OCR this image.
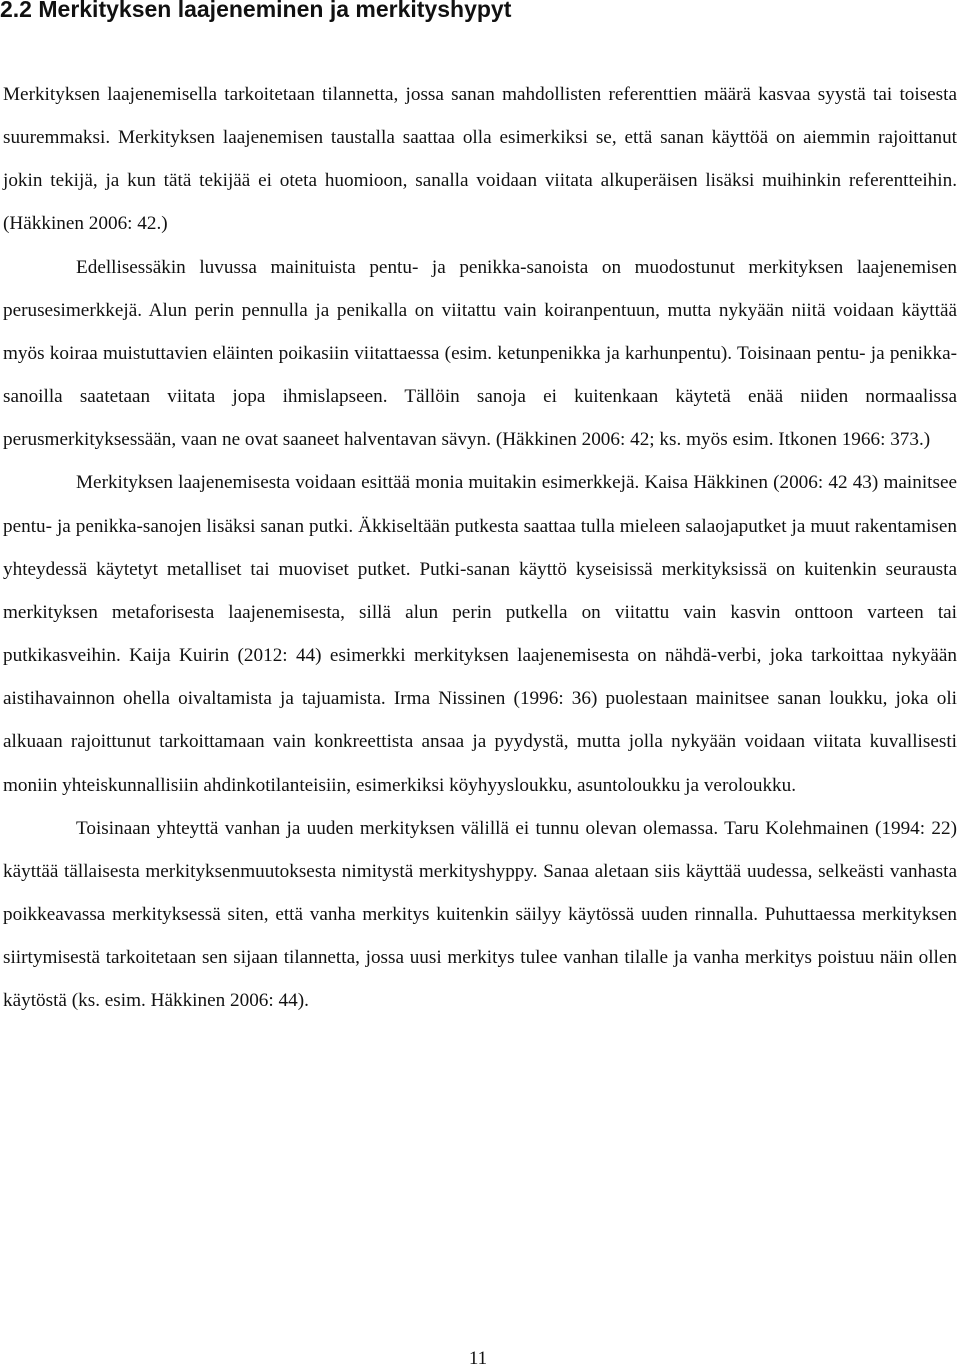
2.2 Merkityksen laajeneminen ja merkityshypyt

Merkityksen laajenemisella tarkoitetaan tilannetta, jossa sanan mahdollisten referenttien määrä kasvaa syystä tai toisesta suuremmaksi. Merkityksen laajenemisen taustalla saattaa olla esimerkiksi se, että sanan käyttöä on aiemmin rajoittanut jokin tekijä, ja kun tätä tekijää ei oteta huomioon, sanalla voidaan viitata alkuperäisen lisäksi muihinkin referentteihin. (Häkkinen 2006: 42.)

Edellisessäkin luvussa mainituista pentu- ja penikka-sanoista on muodostunut merkityksen laajenemisen perusesimerkkejä. Alun perin pennulla ja penikalla on viitattu vain koiranpentuun, mutta nykyään niitä voidaan käyttää myös koiraa muistuttavien eläinten poikasiin viitattaessa (esim. ketunpenikka ja karhunpentu). Toisinaan pentu- ja penikka-sanoilla saatetaan viitata jopa ihmislapseen. Tällöin sanoja ei kuitenkaan käytetä enää niiden normaalissa perusmerkityksessään, vaan ne ovat saaneet halventavan sävyn. (Häkkinen 2006: 42; ks. myös esim. Itkonen 1966: 373.)

Merkityksen laajenemisesta voidaan esittää monia muitakin esimerkkejä. Kaisa Häkkinen (2006: 42 43) mainitsee pentu- ja penikka-sanojen lisäksi sanan putki. Äkkiseltään putkesta saattaa tulla mieleen salaojaputket ja muut rakentamisen yhteydessä käytetyt metalliset tai muoviset putket. Putki-sanan käyttö kyseisissä merkityksissä on kuitenkin seurausta merkityksen metaforisesta laajenemisesta, sillä alun perin putkella on viitattu vain kasvin onttoon varteen tai putkikasveihin. Kaija Kuirin (2012: 44) esimerkki merkityksen laajenemisesta on nähdä-verbi, joka tarkoittaa nykyään aistihavainnon ohella oivaltamista ja tajuamista. Irma Nissinen (1996: 36) puolestaan mainitsee sanan loukku, joka oli alkuaan rajoittunut tarkoittamaan vain konkreettista ansaa ja pyydystä, mutta jolla nykyään voidaan viitata kuvallisesti moniin yhteiskunnallisiin ahdinkotilanteisiin, esimerkiksi köyhyysloukku, asuntoloukku ja veroloukku.

Toisinaan yhteyttä vanhan ja uuden merkityksen välillä ei tunnu olevan olemassa. Taru Kolehmainen (1994: 22) käyttää tällaisesta merkityksenmuutoksesta nimitystä merkityshyppy. Sanaa aletaan siis käyttää uudessa, selkeästi vanhasta poikkeavassa merkityksessä siten, että vanha merkitys kuitenkin säilyy käytössä uuden rinnalla. Puhuttaessa merkityksen siirtymisestä tarkoitetaan sen sijaan tilannetta, jossa uusi merkitys tulee vanhan tilalle ja vanha merkitys poistuu näin ollen käytöstä (ks. esim. Häkkinen 2006: 44).

11
